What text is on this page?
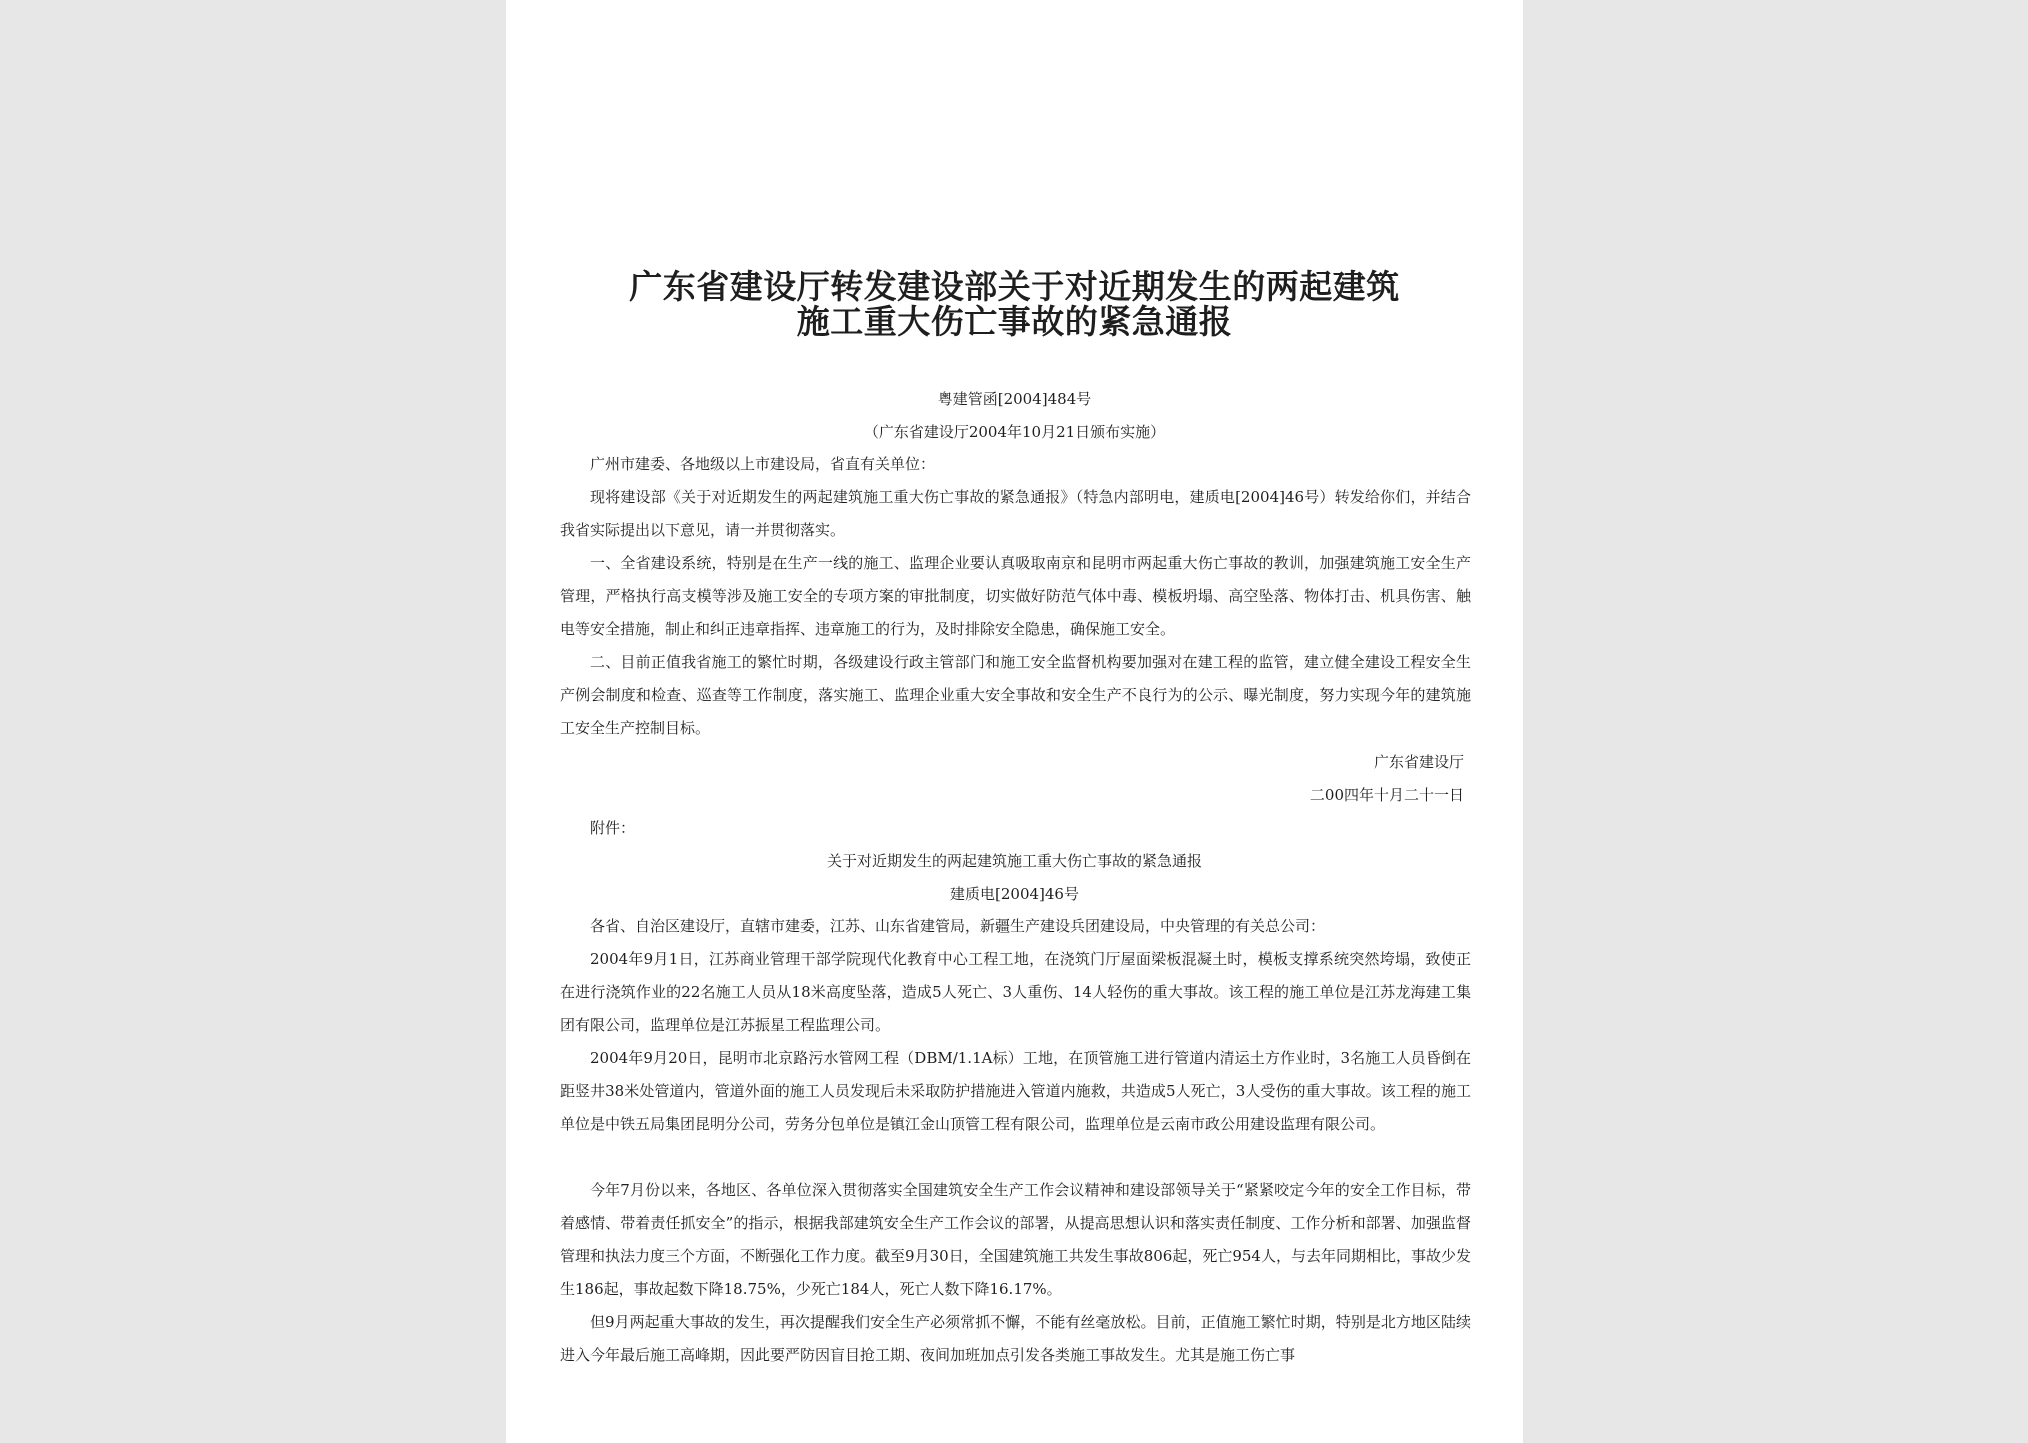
广东省建设厅转发建设部关于对近期发生的两起建筑
施工重大伤亡事故的紧急通报

粤建管函[2004]484号

（广东省建设厅2004年10月21日颁布实施）

广州市建委、各地级以上市建设局，省直有关单位：

现将建设部《关于对近期发生的两起建筑施工重大伤亡事故的紧急通报》（特急内部明电，建质电[2004]46号）转发给你们，并结合我省实际提出以下意见，请一并贯彻落实。

一、全省建设系统，特别是在生产一线的施工、监理企业要认真吸取南京和昆明市两起重大伤亡事故的教训，加强建筑施工安全生产管理，严格执行高支模等涉及施工安全的专项方案的审批制度，切实做好防范气体中毒、模板坍塌、高空坠落、物体打击、机具伤害、触电等安全措施，制止和纠正违章指挥、违章施工的行为，及时排除安全隐患，确保施工安全。

二、目前正值我省施工的繁忙时期，各级建设行政主管部门和施工安全监督机构要加强对在建工程的监管，建立健全建设工程安全生产例会制度和检查、巡查等工作制度，落实施工、监理企业重大安全事故和安全生产不良行为的公示、曝光制度，努力实现今年的建筑施工安全生产控制目标。

广东省建设厅

二00四年十月二十一日

附件：

关于对近期发生的两起建筑施工重大伤亡事故的紧急通报

建质电[2004]46号

各省、自治区建设厅，直辖市建委，江苏、山东省建管局，新疆生产建设兵团建设局，中央管理的有关总公司：

2004年9月1日，江苏商业管理干部学院现代化教育中心工程工地，在浇筑门厅屋面梁板混凝土时，模板支撑系统突然垮塌，致使正在进行浇筑作业的22名施工人员从18米高度坠落，造成5人死亡、3人重伤、14人轻伤的重大事故。该工程的施工单位是江苏龙海建工集团有限公司，监理单位是江苏振星工程监理公司。

2004年9月20日，昆明市北京路污水管网工程（DBM/1.1A标）工地，在顶管施工进行管道内清运土方作业时，3名施工人员昏倒在距竖井38米处管道内，管道外面的施工人员发现后未采取防护措施进入管道内施救，共造成5人死亡，3人受伤的重大事故。该工程的施工单位是中铁五局集团昆明分公司，劳务分包单位是镇江金山顶管工程有限公司，监理单位是云南市政公用建设监理有限公司。

今年7月份以来，各地区、各单位深入贯彻落实全国建筑安全生产工作会议精神和建设部领导关于“紧紧咬定今年的安全工作目标，带着感情、带着责任抓安全”的指示，根据我部建筑安全生产工作会议的部署，从提高思想认识和落实责任制度、工作分析和部署、加强监督管理和执法力度三个方面，不断强化工作力度。截至9月30日，全国建筑施工共发生事故806起，死亡954人，与去年同期相比，事故少发生186起，事故起数下降18.75%，少死亡184人，死亡人数下降16.17%。

但9月两起重大事故的发生，再次提醒我们安全生产必须常抓不懈，不能有丝毫放松。目前，正值施工繁忙时期，特别是北方地区陆续进入今年最后施工高峰期，因此要严防因盲目抢工期、夜间加班加点引发各类施工事故发生。尤其是施工伤亡事
